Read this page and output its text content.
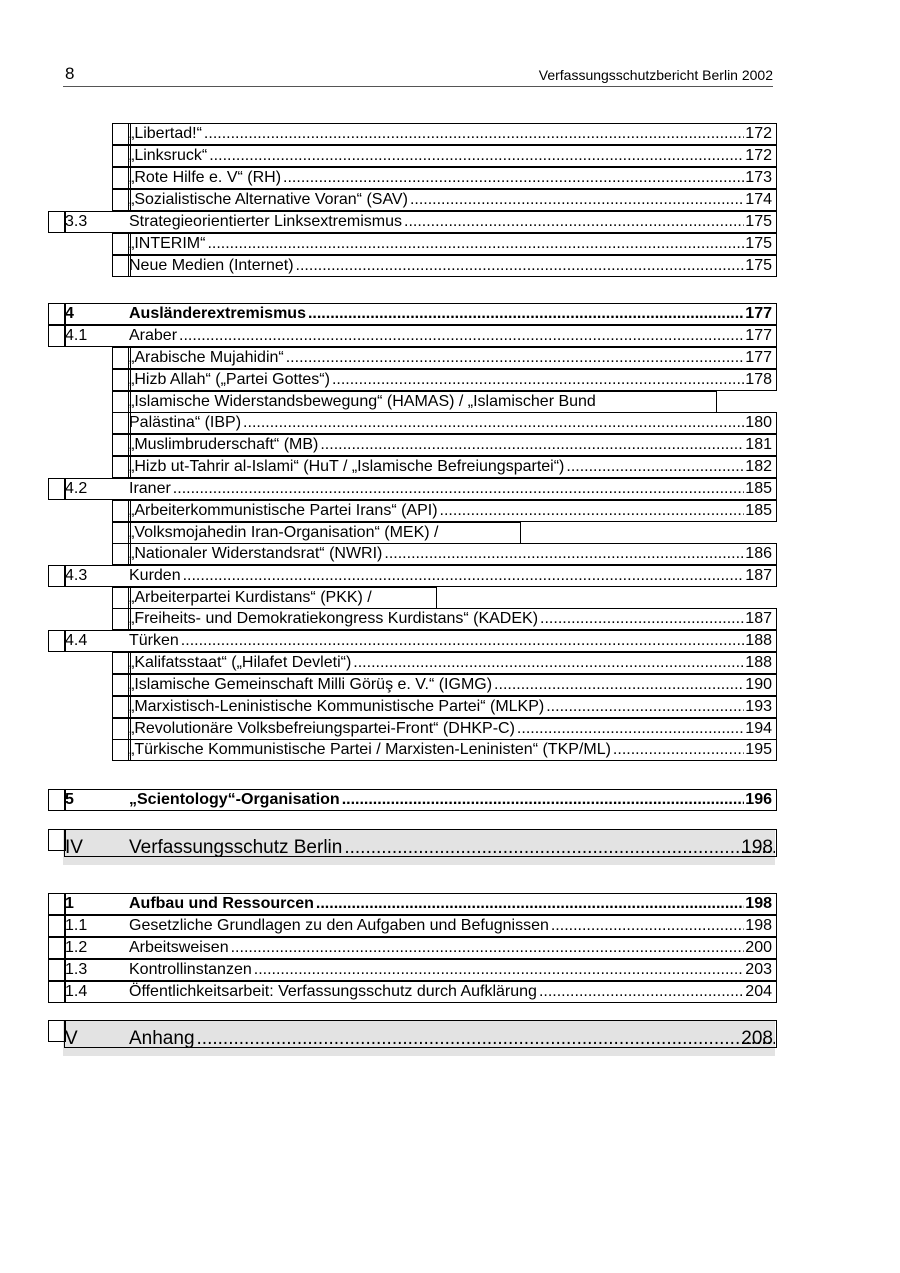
8	Verfassungsschutzbericht Berlin 2002
„Libertad!“ .....	172
„Linksruck“ .....	172
„Rote Hilfe e. V“ (RH) .....	173
„Sozialistische Alternative Voran“ (SAV) .....	174
3.3	Strategieorientierter Linksextremismus .....	175
„INTERIM“ .....	175
Neue Medien (Internet) .....	175
4	Ausländerextremismus .....	177
4.1	Araber .....	177
„Arabische Mujahidin“ .....	177
„Hizb Allah“ („Partei Gottes“) .....	178
„Islamische Widerstandsbewegung“ (HAMAS) / „Islamischer Bund
Palästina“ (IBP) .....	180
„Muslimbruderschaft“ (MB) .....	181
„Hizb ut-Tahrir al-Islami“ (HuT / „Islamische Befreiungspartei“) .....	182
4.2	Iraner .....	185
„Arbeiterkommunistische Partei Irans“ (API) .....	185
„Volksmojahedin Iran-Organisation“ (MEK) /
„Nationaler Widerstandsrat“ (NWRI) .....	186
4.3	Kurden .....	187
„Arbeiterpartei Kurdistans“ (PKK) /
„Freiheits- und Demokratiekongress Kurdistans“ (KADEK) .....	187
4.4	Türken .....	188
„Kalifatsstaat“ („Hilafet Devleti“) .....	188
„Islamische Gemeinschaft Milli Görüş e. V.“ (IGMG) .....	190
„Marxistisch-Leninistische Kommunistische Partei“ (MLKP) .....	193
„Revolutionäre Volksbefreiungspartei-Front“ (DHKP-C) .....	194
„Türkische Kommunistische Partei / Marxisten-Leninisten“ (TKP/ML) .....	195
5	„Scientology“-Organisation .....	196
IV Verfassungsschutz Berlin .....	198
1	Aufbau und Ressourcen .....	198
1.1	Gesetzliche Grundlagen zu den Aufgaben und Befugnissen .....	198
1.2	Arbeitsweisen .....	200
1.3	Kontrollinstanzen .....	203
1.4	Öffentlichkeitsarbeit: Verfassungsschutz durch Aufklärung .....	204
V	Anhang .....	208
